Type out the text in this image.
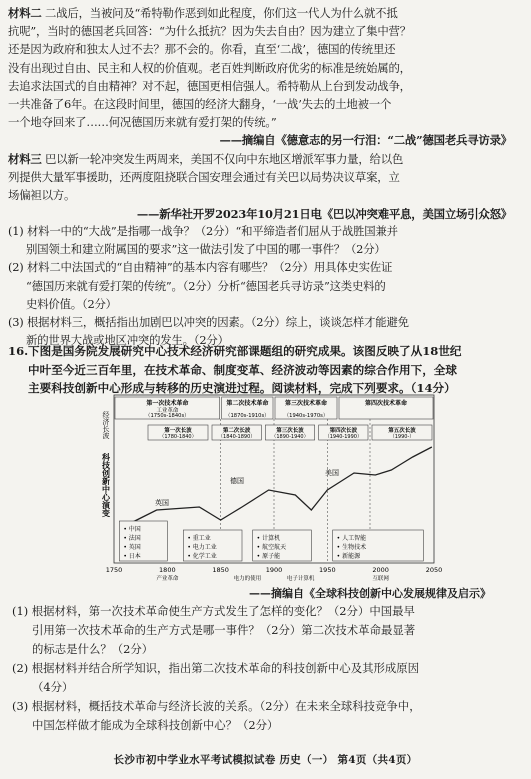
材料二 二战后，当被问及“希特勒作恶到如此程度，你们这一代人为什么就不抵
抗呢”，当时的德国老兵回答：“为什么抵抗？因为失去自由？因为建立了集中营？
还是因为政府和独太人过不去？那不会的。你看，直至‘二战’，德国的传统里还
没有出现过自由、民主和人权的价值观。老百姓判断政府优劣的标准是统始属的，
去追求法国式的自由精神？对不起，德国更相信强人。希特勒从上台到发动战争，
一共准备了6年。在这段时间里，德国的经济大翻身，‘一战’失去的土地被一个
一个地夺回来了……何况德国历来就有爱打架的传统。”
——摘编自《德意志的另一行泪：“二战”德国老兵寻访录》
材料三 巴以新一轮冲突发生两周来，美国不仅向中东地区增派军事力量，给以色
列提供大量军事援助，还两度阻挠联合国安理会通过有关巴以局势决议草案，立
场偏袒以方。
——新华社开罗2023年10月21日电《巴以冲突难平息，美国立场引众怒》
(1) 材料一中的“大战”是指哪一战争？（2分）“和平缔造者们屈从于战胜国兼并
别国领土和建立附属国的要求”这一做法引发了中国的哪一事件？（2分）
(2) 材料二中法国式的“自由精神”的基本内容有哪些？（2分）用具体史实佐证
“德国历来就有爱打架的传统”。（2分）分析“德国老兵寻访录”这类史料的
史料价值。（2分）
(3) 根据材料三，概括指出加剧巴以冲突的因素。（2分）综上，谈谈怎样才能避免
新的世界大战或地区冲突的发生。（2分）
16.下图是国务院发展研究中心技术经济研究部课题组的研究成果。该图反映了从18世纪
中叶至今近三百年里，在技术革命、制度变革、经济波动等因素的综合作用下，全球
主要科技创新中心形成与转移的历史演进过程。阅读材料，完成下列要求。（14分）
第一次技术革命
工业革命
（1750s-1840s）
第二次技术革命
（1870s-1910s）
第三次技术革命
（1940s-1970s）
第四次技术革命
科技创新中心演变
经济长波	第一次长波
（1780-1840）
第二次长波
（1840-1890）
第三次长波
（1890-1940）
第四次长波
（1940-1990）
第五次长波
（1990-）
英国
德国
美国
• 中国
• 法国
• 英国
• 日本
• 重工业
• 电力工业
• 化学工业
• 计算机
• 航空航天
• 原子能
• 人工智能
• 生物技术
• 新能源
1750	1800	1850	1900	1950	2000	2050
产业革命	电力的使用	电子计算机	互联网
——摘编自《全球科技创新中心发展规律及启示》
(1) 根据材料，第一次技术革命使生产方式发生了怎样的变化？（2分）中国最早
引用第一次技术革命的生产方式是哪一事件？（2分）第二次技术革命最显著
的标志是什么？（2分）
(2) 根据材料并结合所学知识，指出第二次技术革命的科技创新中心及其形成原因
（4分）
(3) 根据材料，概括技术革命与经济长波的关系。（2分）在未来全球科技竞争中，
中国怎样做才能成为全球科技创新中心？（2分）
长沙市初中学业水平考试模拟试卷 历史（一） 第4页（共4页）
